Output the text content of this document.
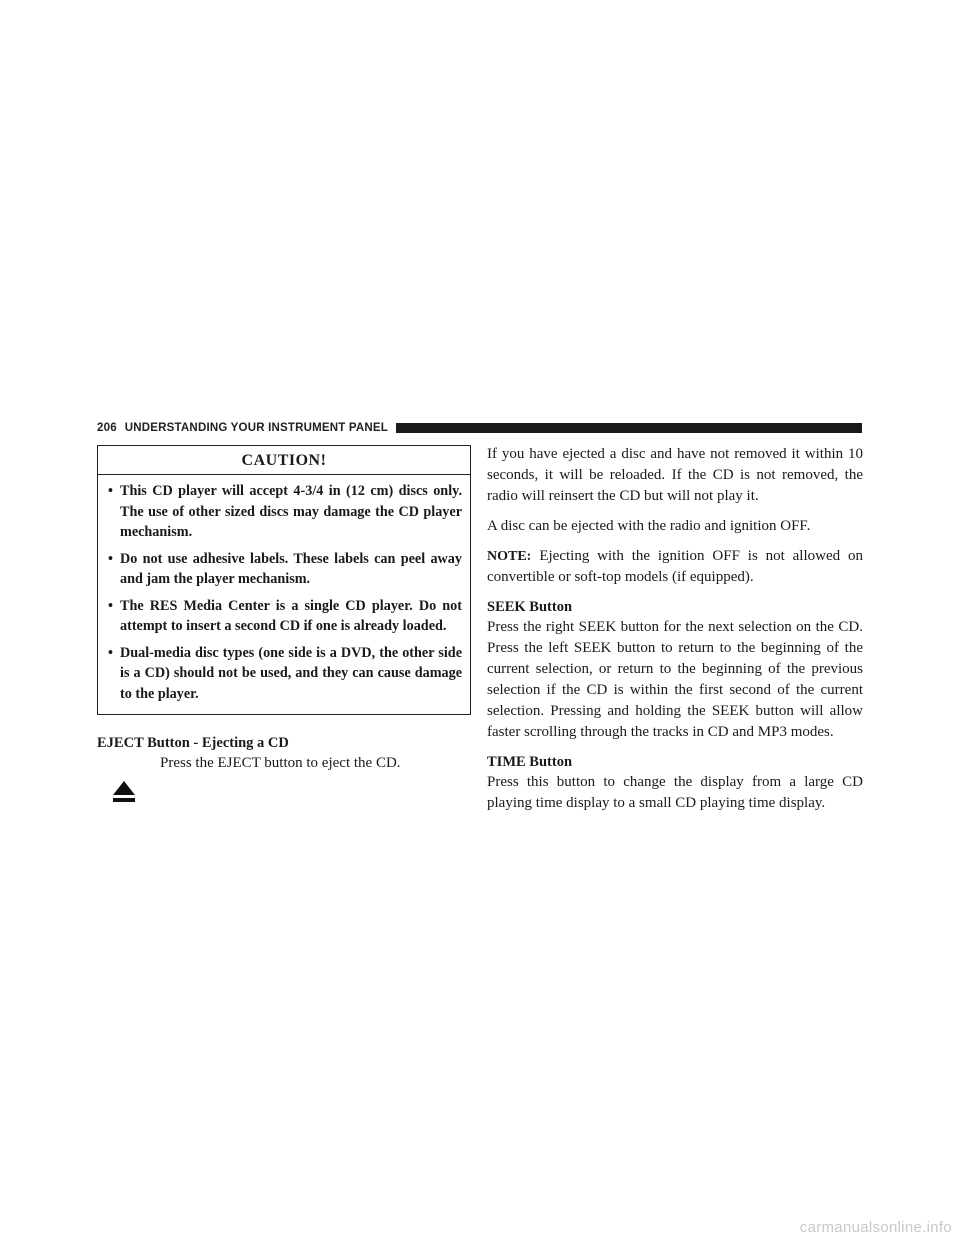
206 UNDERSTANDING YOUR INSTRUMENT PANEL
CAUTION!
• This CD player will accept 4-3/4 in (12 cm) discs only. The use of other sized discs may damage the CD player mechanism.
• Do not use adhesive labels. These labels can peel away and jam the player mechanism.
• The RES Media Center is a single CD player. Do not attempt to insert a second CD if one is already loaded.
• Dual-media disc types (one side is a DVD, the other side is a CD) should not be used, and they can cause damage to the player.
EJECT Button - Ejecting a CD
Press the EJECT button to eject the CD.

If you have ejected a disc and have not removed it within 10 seconds, it will be reloaded. If the CD is not removed, the radio will reinsert the CD but will not play it.

A disc can be ejected with the radio and ignition OFF.

NOTE: Ejecting with the ignition OFF is not allowed on convertible or soft-top models (if equipped).

SEEK Button

Press the right SEEK button for the next selection on the CD. Press the left SEEK button to return to the beginning of the current selection, or return to the beginning of the previous selection if the CD is within the first second of the current selection. Pressing and holding the SEEK button will allow faster scrolling through the tracks in CD and MP3 modes.

TIME Button

Press this button to change the display from a large CD playing time display to a small CD playing time display.

carmanualsonline.info
